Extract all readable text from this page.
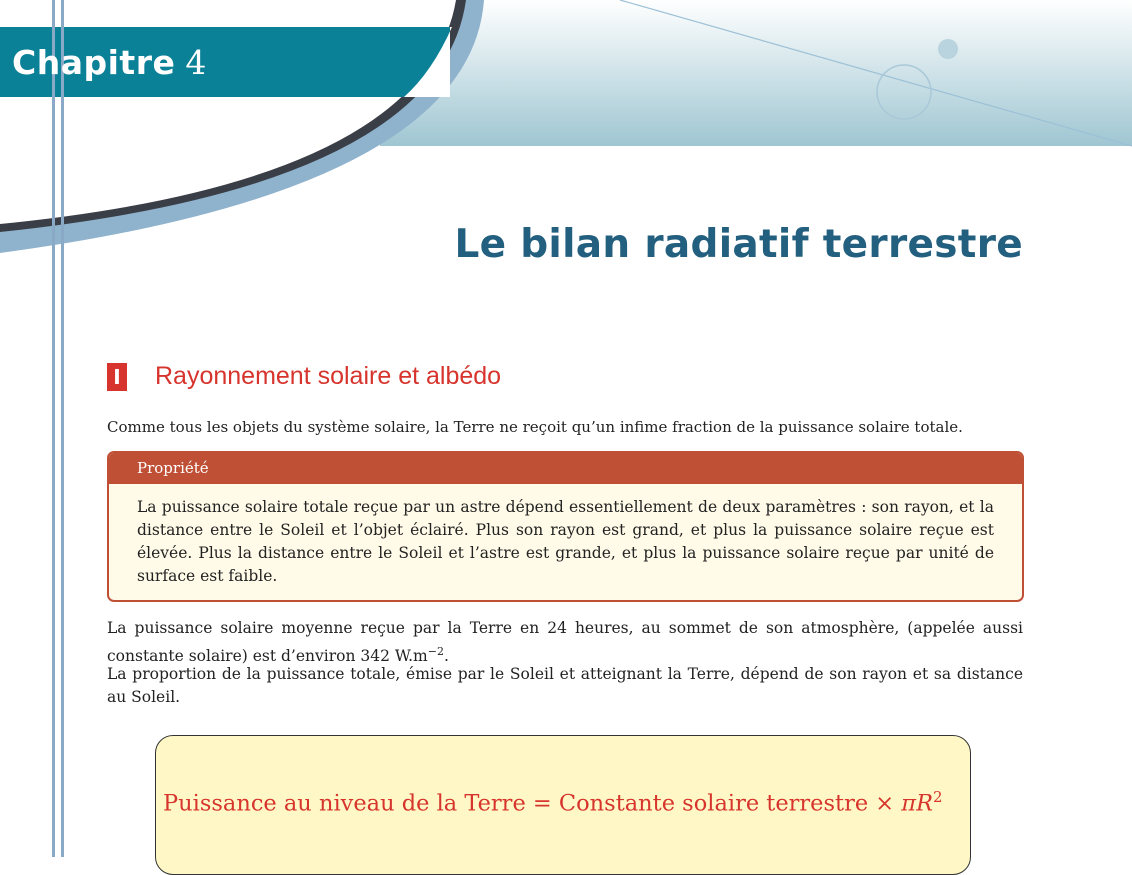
Chapitre 4
Le bilan radiatif terrestre
I Rayonnement solaire et albédo
Comme tous les objets du système solaire, la Terre ne reçoit qu’un infime fraction de la puissance solaire totale.
Propriété
La puissance solaire totale reçue par un astre dépend essentiellement de deux paramètres : son rayon, et la distance entre le Soleil et l’objet éclairé. Plus son rayon est grand, et plus la puissance solaire reçue est élevée. Plus la distance entre le Soleil et l’astre est grande, et plus la puissance solaire reçue par unité de surface est faible.
La puissance solaire moyenne reçue par la Terre en 24 heures, au sommet de son atmosphère, (appelée aussi constante solaire) est d’environ 342 $W.m^{-2}$.
La proportion de la puissance totale, émise par le Soleil et atteignant la Terre, dépend de son rayon et sa distance au Soleil.
Puissance au niveau de la Terre = Constante solaire terrestre × $\pi R^2$
